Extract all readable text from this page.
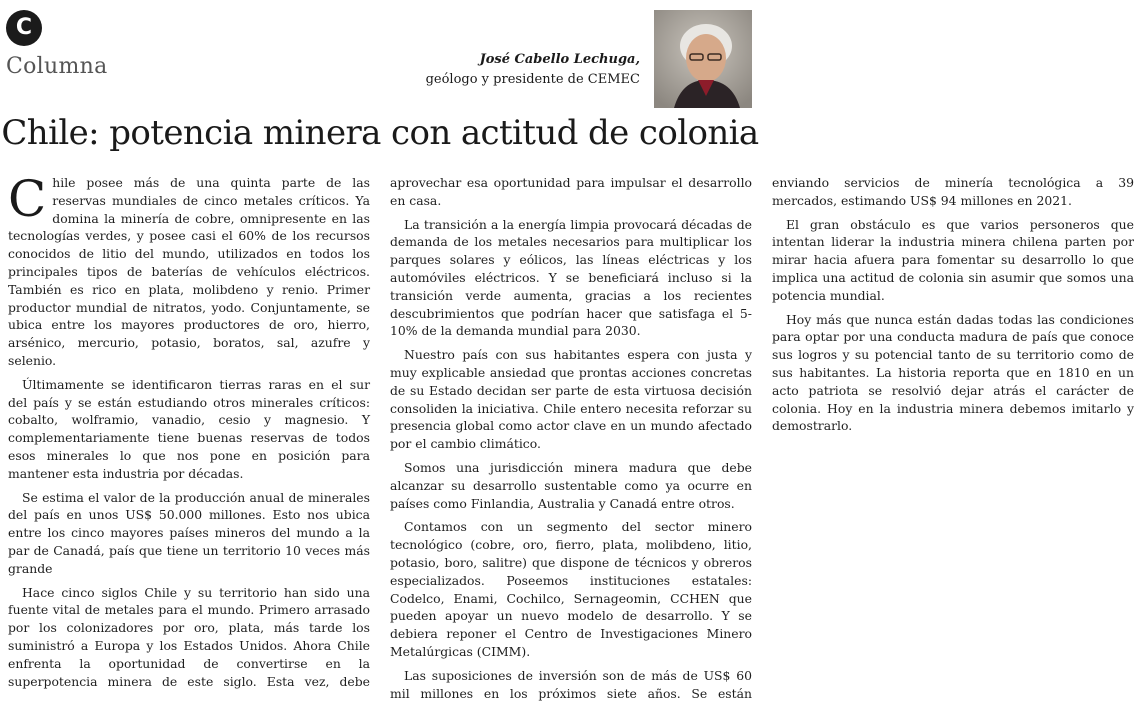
C
Columna	José Cabello Lechuga,
geólogo y presidente de CEMEC
Chile: potencia minera con actitud de colonia

Chile posee más de una quinta parte de las reservas mundiales de cinco metales críticos. Ya domina la minería de cobre, omnipresente en las tecnologías verdes, y posee casi el 60% de los recursos conocidos de litio del mundo, utilizados en todos los principales tipos de baterías de vehículos eléctricos. También es rico en plata, molibdeno y renio. Primer productor mundial de nitratos, yodo. Conjuntamente, se ubica entre los mayores productores de oro, hierro, arsénico, mercurio, potasio, boratos, sal, azufre y selenio.

Últimamente se identificaron tierras raras en el sur del país y se están estudiando otros minerales críticos: cobalto, wolframio, vanadio, cesio y magnesio. Y complementariamente tiene buenas reservas de todos esos minerales lo que nos pone en posición para mantener esta industria por décadas.

Se estima el valor de la producción anual de minerales del país en unos US$ 50.000 millones. Esto nos ubica entre los cinco mayores países mineros del mundo a la par de Canadá, país que tiene un territorio 10 veces más grande

Hace cinco siglos Chile y su territorio han sido una fuente vital de metales para el mundo. Primero arrasado por los colonizadores por oro, plata, más tarde los suministró a Europa y los Estados Unidos. Ahora Chile enfrenta la oportunidad de convertirse en la superpotencia minera de este siglo. Esta vez, debe aprovechar esa oportunidad para impulsar el desarrollo en casa.

La transición a la energía limpia provocará décadas de demanda de los metales necesarios para multiplicar los parques solares y eólicos, las líneas eléctricas y los automóviles eléctricos. Y se beneficiará incluso si la transición verde aumenta, gracias a los recientes descubrimientos que podrían hacer que satisfaga el 5-10% de la demanda mundial para 2030.

Nuestro país con sus habitantes espera con justa y muy explicable ansiedad que prontas acciones concretas de su Estado decidan ser parte de esta virtuosa decisión consoliden la iniciativa. Chile entero necesita reforzar su presencia global como actor clave en un mundo afectado por el cambio climático.

Somos una jurisdicción minera madura que debe alcanzar su desarrollo sustentable como ya ocurre en países como Finlandia, Australia y Canadá entre otros.

Contamos con un segmento del sector minero tecnológico (cobre, oro, fierro, plata, molibdeno, litio, potasio, boro, salitre) que dispone de técnicos y obreros especializados. Poseemos instituciones estatales: Codelco, Enami, Cochilco, Sernageomin, CCHEN que pueden apoyar un nuevo modelo de desarrollo. Y se debiera reponer el Centro de Investigaciones Minero Metalúrgicas (CIMM).

Las suposiciones de inversión son de más de US$ 60 mil millones en los próximos siete años. Se están enviando servicios de minería tecnológica a 39 mercados, estimando US$ 94 millones en 2021.

El gran obstáculo es que varios personeros que intentan liderar la industria minera chilena parten por mirar hacia afuera para fomentar su desarrollo lo que implica una actitud de colonia sin asumir que somos una potencia mundial.

Hoy más que nunca están dadas todas las condiciones para optar por una conducta madura de país que conoce sus logros y su potencial tanto de su territorio como de sus habitantes. La historia reporta que en 1810 en un acto patriota se resolvió dejar atrás el carácter de colonia. Hoy en la industria minera debemos imitarlo y demostrarlo.
